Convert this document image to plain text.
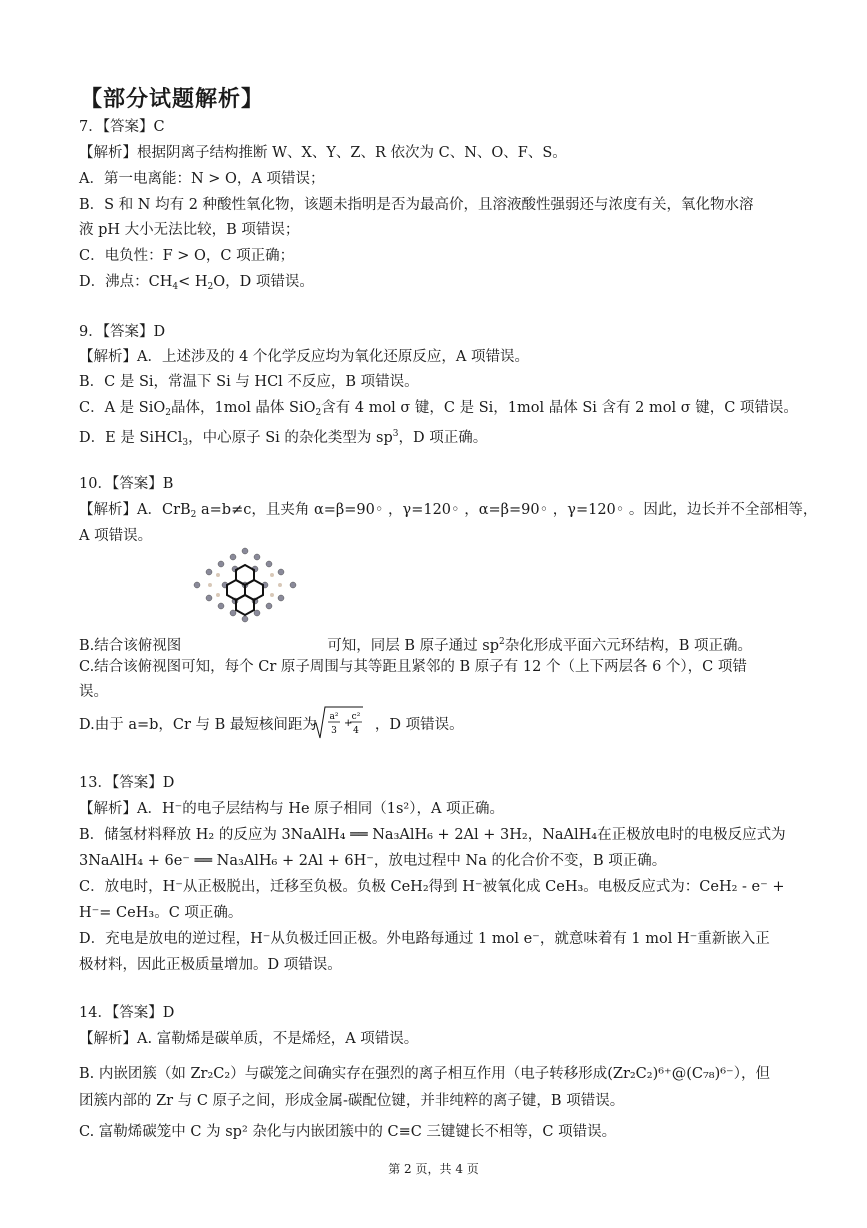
【部分试题解析】
7．【答案】C
【解析】根据阴离子结构推断 W、X、Y、Z、R 依次为 C、N、O、F、S。
A．第一电离能：N > O，A 项错误；
B．S 和 N 均有 2 种酸性氧化物，该题未指明是否为最高价，且溶液酸性强弱还与浓度有关，氧化物水溶
液 pH 大小无法比较，B 项错误；
C．电负性：F > O，C 项正确；
D．沸点：$CH_4< H_2O$，D 项错误。
9．【答案】D
【解析】A．上述涉及的 4 个化学反应均为氧化还原反应，A 项错误。
B．C 是 Si，常温下 Si 与 HCl 不反应，B 项错误。
C．A 是 SiO$_2$晶体，1mol 晶体 SiO$_2$含有 4 mol σ 键，C 是 Si，1mol 晶体 Si 含有 2 mol σ 键，C 项错误。
D．E 是 SiHCl$_3$，中心原子 Si 的杂化类型为 $sp^3$，D 项正确。
10．【答案】B
【解析】A．CrB$_2$ a=b≠c，且夹角 α=β=90◦ ，γ=120◦ ，α=β=90◦ ，γ=120◦ 。因此，边长并不全部相等，
A 项错误。
B.结合该俯视图	可知，同层 B 原子通过 $sp^2$杂化形成平面六元环结构，B 项正确。
C.结合该俯视图可知，每个 Cr 原子周围与其等距且紧邻的 B 原子有 12 个（上下两层各 6 个），C 项错
误。
D.由于 a=b，Cr 与 B 最短核间距为	，D 项错误。
a²
3
+
c²
4
13．【答案】D
【解析】A．H⁻的电子层结构与 He 原子相同（1s²），A 项正确。
B．储氢材料释放 H₂ 的反应为 3NaAlH₄ ══ Na₃AlH₆ + 2Al + 3H₂，NaAlH₄在正极放电时的电极反应式为
3NaAlH₄ + 6e⁻ ══ Na₃AlH₆ + 2Al + 6H⁻，放电过程中 Na 的化合价不变，B 项正确。
C．放电时，H⁻从正极脱出，迁移至负极。负极 CeH₂得到 H⁻被氧化成 CeH₃。电极反应式为：CeH₂ - e⁻ +
H⁻= CeH₃。C 项正确。
D．充电是放电的逆过程，H⁻从负极迁回正极。外电路每通过 1 mol e⁻，就意味着有 1 mol H⁻重新嵌入正
极材料，因此正极质量增加。D 项错误。
14．【答案】D
【解析】A. 富勒烯是碳单质，不是烯烃，A 项错误。
B. 内嵌团簇（如 Zr₂C₂）与碳笼之间确实存在强烈的离子相互作用（电子转移形成(Zr₂C₂)⁶⁺@(C₇₈)⁶⁻），但
团簇内部的 Zr 与 C 原子之间，形成金属-碳配位键，并非纯粹的离子键，B 项错误。
C. 富勒烯碳笼中 C 为 sp² 杂化与内嵌团簇中的 C≡C 三键键长不相等，C 项错误。
第 2 页，共 4 页
